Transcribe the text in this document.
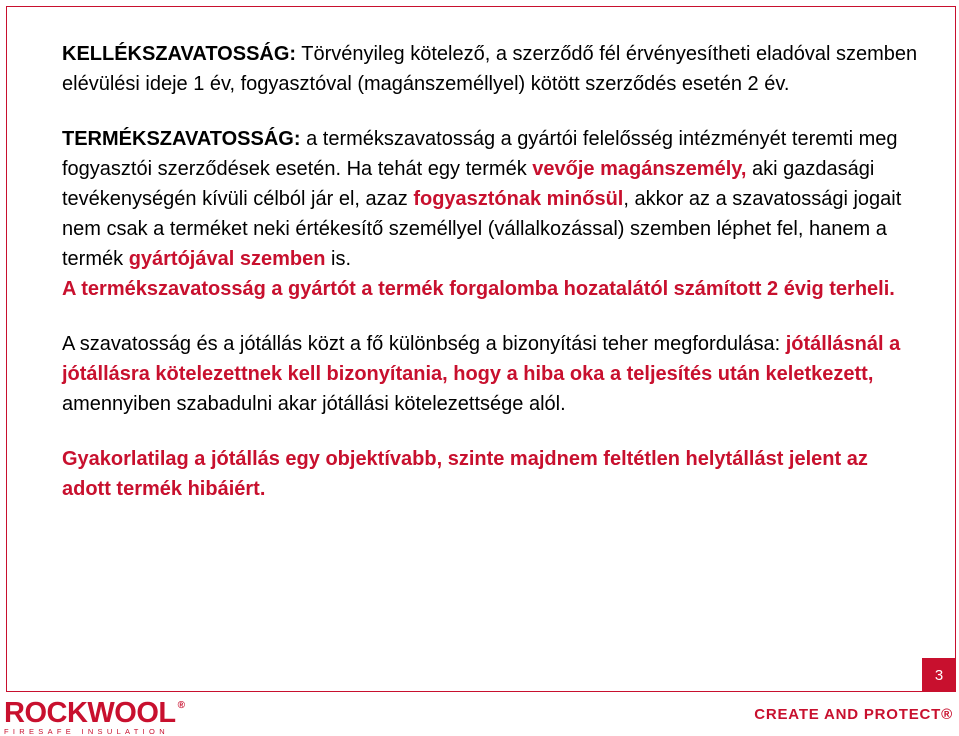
KELLÉKSZAVATOSSÁG: Törvényileg kötelező, a szerződő fél érvényesítheti eladóval szemben elévülési ideje 1 év, fogyasztóval (magánszeméllyel) kötött szerződés esetén 2 év.

TERMÉKSZAVATOSSÁG: a termékszavatosság a gyártói felelősség intézményét teremti meg fogyasztói szerződések esetén. Ha tehát egy termék vevője magánszemély, aki gazdasági tevékenységén kívüli célból jár el, azaz fogyasztónak minősül, akkor az a szavatossági jogait nem csak a terméket neki értékesítő személlyel (vállalkozással) szemben léphet fel, hanem a termék gyártójával szemben is.
A termékszavatosság a gyártót a termék forgalomba hozatalától számított 2 évig terheli.

A szavatosság és a jótállás közt a fő különbség a bizonyítási teher megfordulása: jótállásnál a jótállásra kötelezettnek kell bizonyítania, hogy a hiba oka a teljesítés után keletkezett, amennyiben szabadulni akar jótállási kötelezettsége alól.

Gyakorlatilag a jótállás egy objektívabb, szinte majdnem feltétlen helytállást jelent az adott termék hibáiért.

3
ROCKWOOL ®
FIRESAFE INSULATION
CREATE AND PROTECT®
